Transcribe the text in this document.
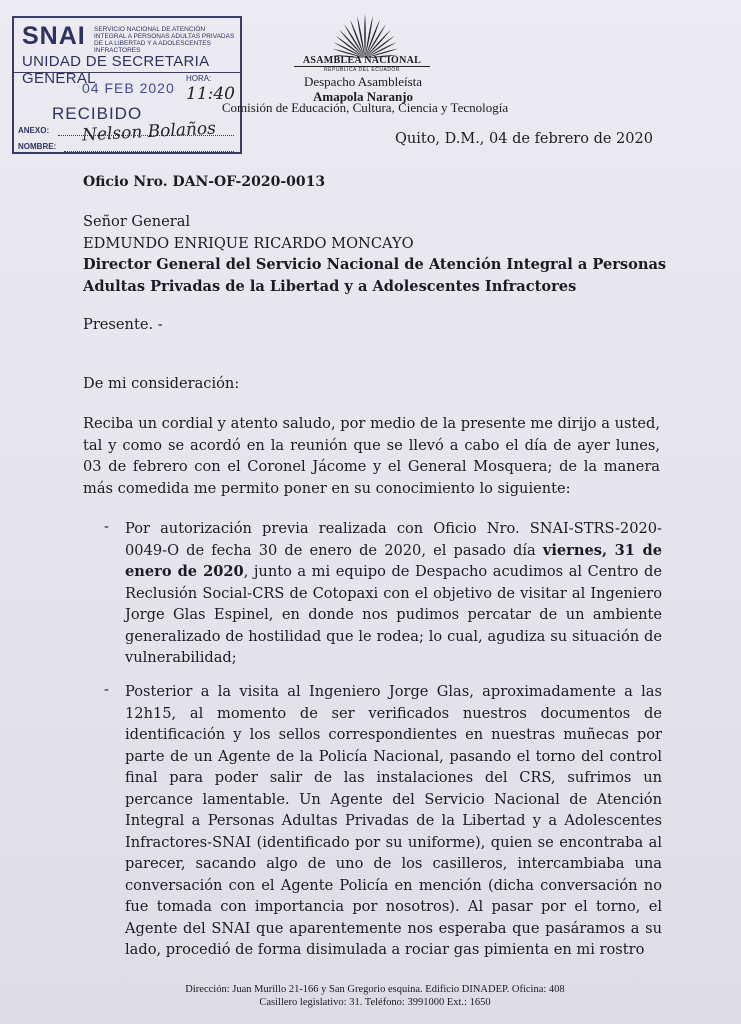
SNAI SERVICIO NACIONAL DE ATENCIÓN INTEGRAL A PERSONAS ADULTAS PRIVADAS DE LA LIBERTAD Y A ADOLESCENTES INFRACTORES
UNIDAD DE SECRETARIA GENERAL	HORA:
04 FEB 2020 11:40
RECIBIDO
ANEXO: Nelson Bolaños
NOMBRE:
ASAMBLEA NACIONAL
REPÚBLICA DEL ECUADOR
Despacho Asambleísta
Amapola Naranjo
Comisión de Educación, Cultura, Ciencia y Tecnología
Quito, D.M., 04 de febrero de 2020
Oficio Nro. DAN-OF-2020-0013
Señor General
EDMUNDO ENRIQUE RICARDO MONCAYO
Director General del Servicio Nacional de Atención Integral a Personas
Adultas Privadas de la Libertad y a Adolescentes Infractores
Presente. -
De mi consideración:
Reciba un cordial y atento saludo, por medio de la presente me dirijo a usted, tal y como se acordó en la reunión que se llevó a cabo el día de ayer lunes, 03 de febrero con el Coronel Jácome y el General Mosquera; de la manera más comedida me permito poner en su conocimiento lo siguiente:
- Por autorización previa realizada con Oficio Nro. SNAI-STRS-2020-0049-O de fecha 30 de enero de 2020, el pasado día viernes, 31 de enero de 2020, junto a mi equipo de Despacho acudimos al Centro de Reclusión Social-CRS de Cotopaxi con el objetivo de visitar al Ingeniero Jorge Glas Espinel, en donde nos pudimos percatar de un ambiente generalizado de hostilidad que le rodea; lo cual, agudiza su situación de vulnerabilidad;
- Posterior a la visita al Ingeniero Jorge Glas, aproximadamente a las 12h15, al momento de ser verificados nuestros documentos de identificación y los sellos correspondientes en nuestras muñecas por parte de un Agente de la Policía Nacional, pasando el torno del control final para poder salir de las instalaciones del CRS, sufrimos un percance lamentable. Un Agente del Servicio Nacional de Atención Integral a Personas Adultas Privadas de la Libertad y a Adolescentes Infractores-SNAI (identificado por su uniforme), quien se encontraba al parecer, sacando algo de uno de los casilleros, intercambiaba una conversación con el Agente Policía en mención (dicha conversación no fue tomada con importancia por nosotros). Al pasar por el torno, el Agente del SNAI que aparentemente nos esperaba que pasáramos a su lado, procedió de forma disimulada a rociar gas pimienta en mi rostro
Dirección: Juan Murillo 21-166 y San Gregorio esquina. Edificio DINADEP. Oficina: 408
Casillero legislativo: 31. Teléfono: 3991000 Ext.: 1650
